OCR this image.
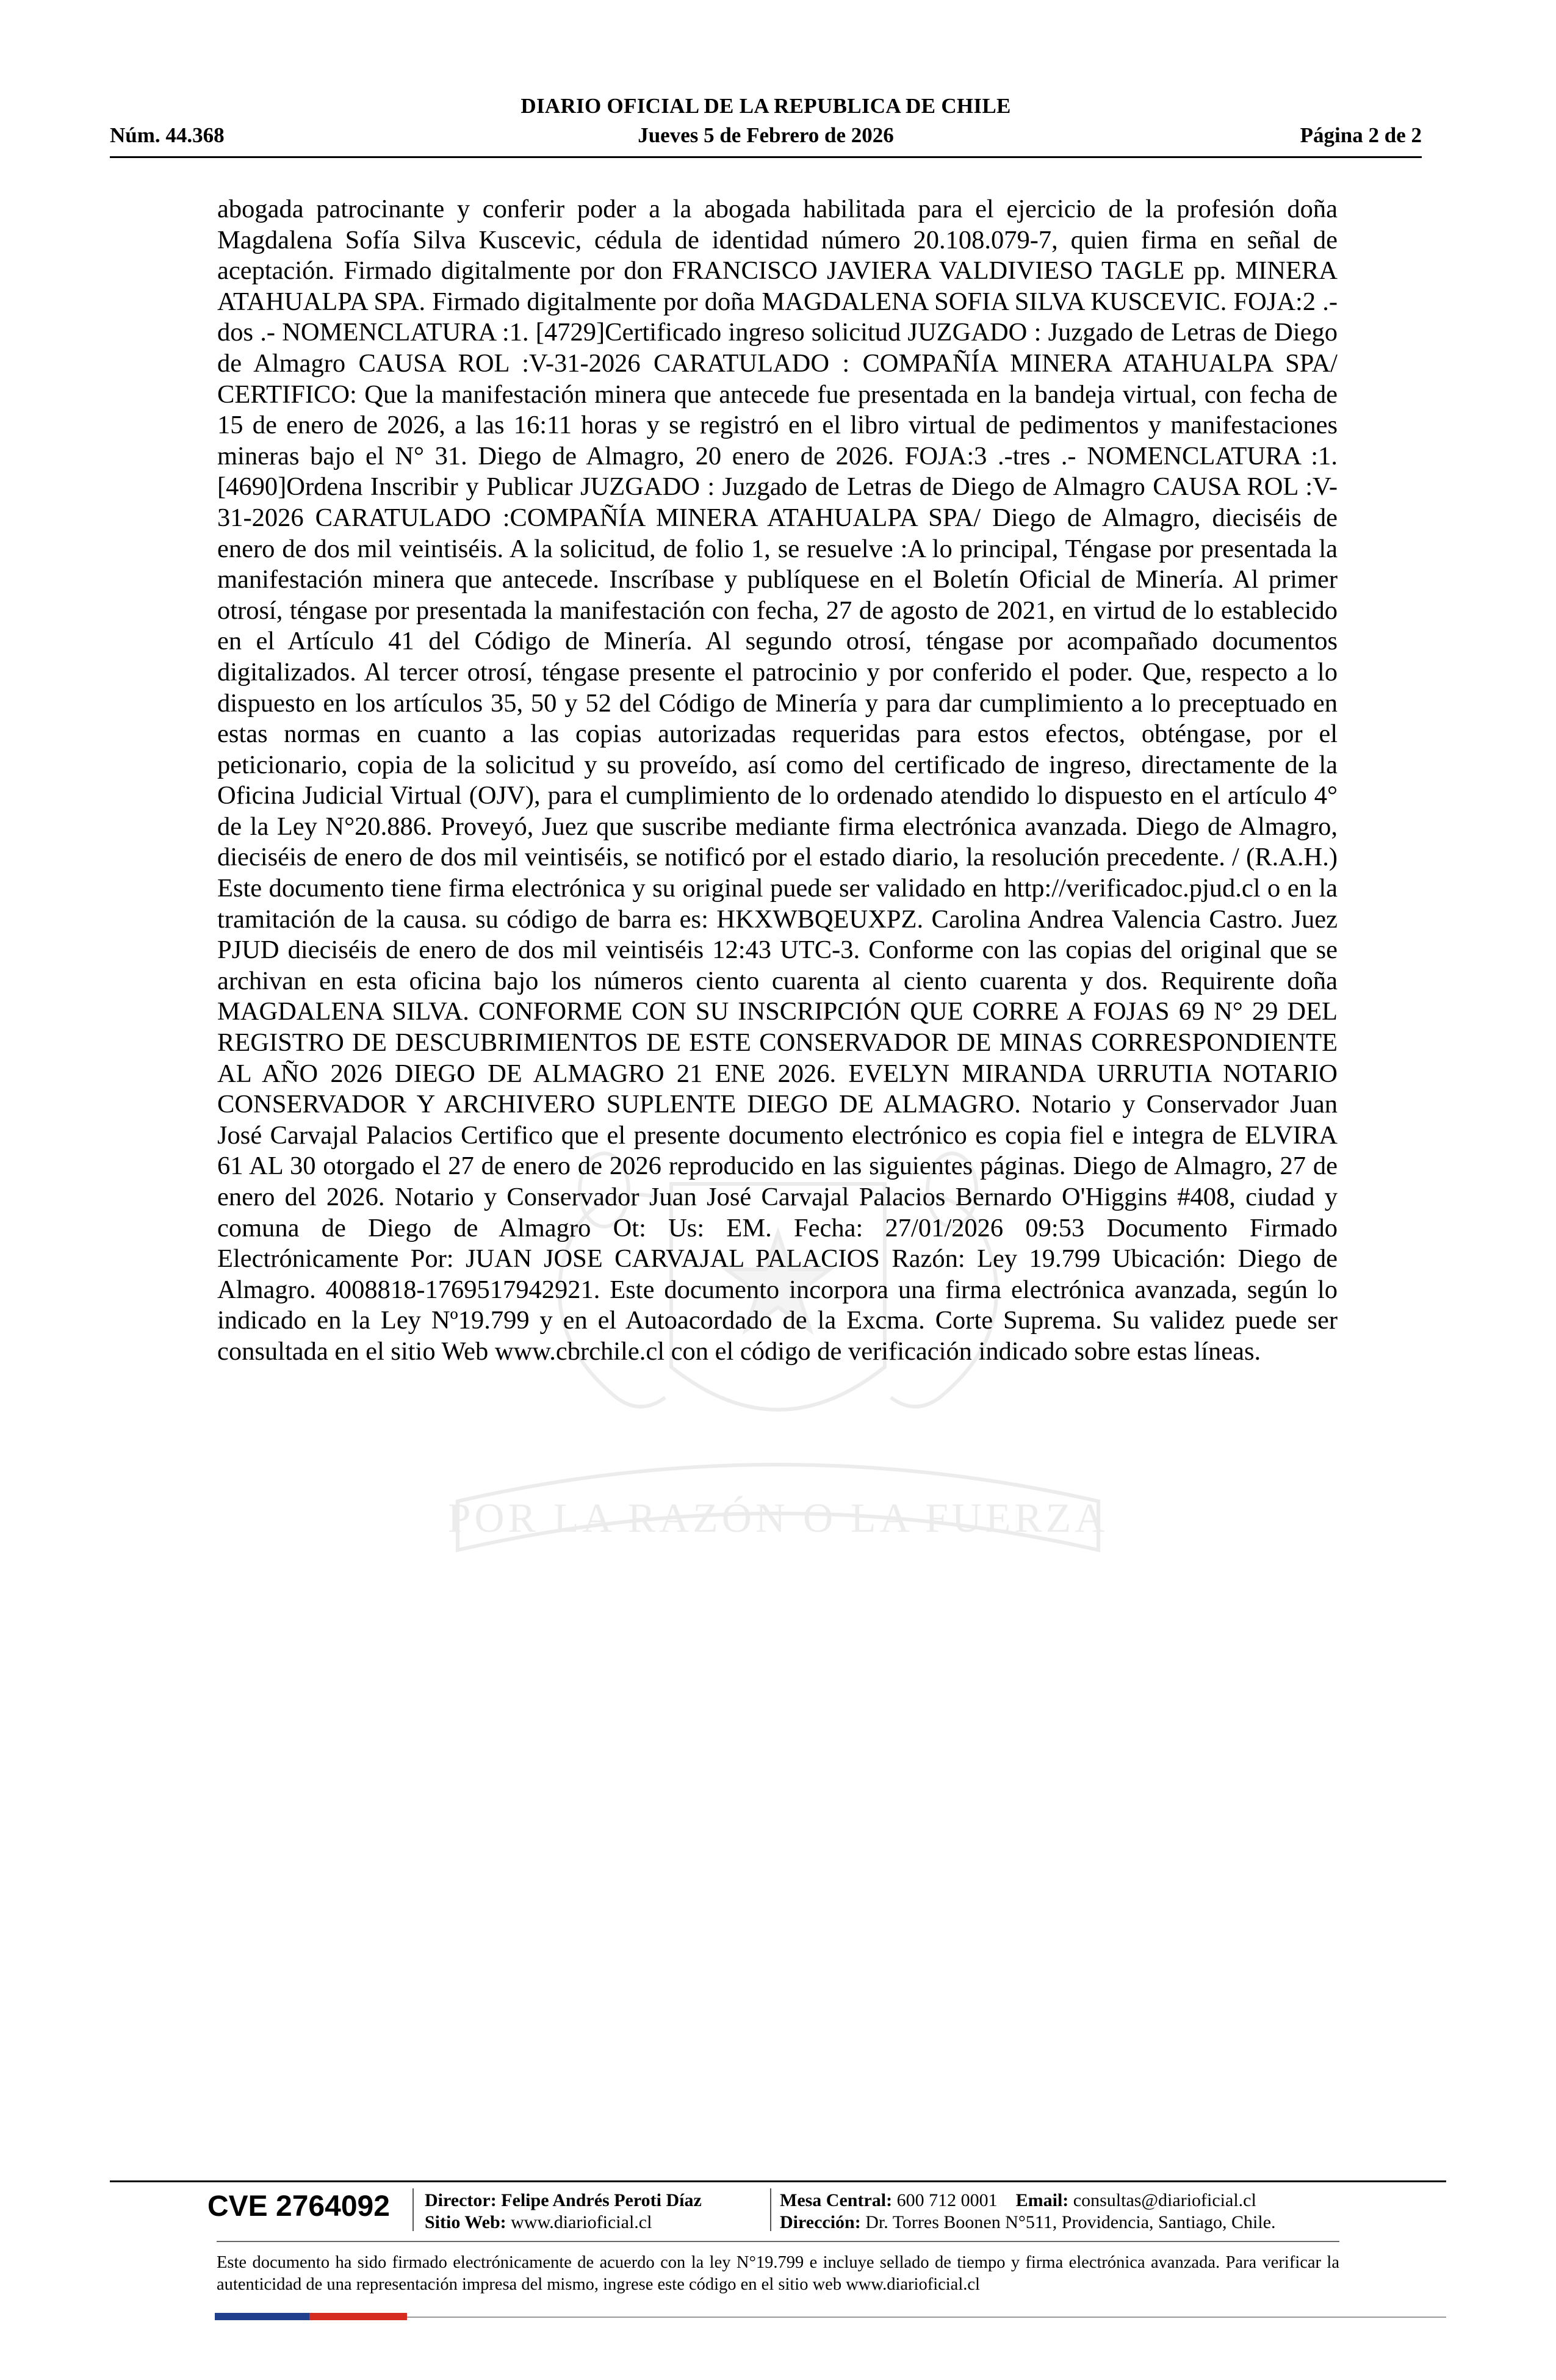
DIARIO OFICIAL DE LA REPUBLICA DE CHILE
Núm. 44.368	Jueves 5 de Febrero de 2026	Página 2 de 2
POR LA RAZÓN O LA FUERZA
abogada patrocinante y conferir poder a la abogada habilitada para el ejercicio de la profesión doña Magdalena Sofía Silva Kuscevic, cédula de identidad número 20.108.079-7, quien firma en señal de aceptación. Firmado digitalmente por don FRANCISCO JAVIERA VALDIVIESO TAGLE pp. MINERA ATAHUALPA SPA. Firmado digitalmente por doña MAGDALENA SOFIA SILVA KUSCEVIC. FOJA:2 .- dos .- NOMENCLATURA :1. [4729]Certificado ingreso solicitud JUZGADO : Juzgado de Letras de Diego de Almagro CAUSA ROL :V-31-2026 CARATULADO : COMPAÑÍA MINERA ATAHUALPA SPA/ CERTIFICO: Que la manifestación minera que antecede fue presentada en la bandeja virtual, con fecha de 15 de enero de 2026, a las 16:11 horas y se registró en el libro virtual de pedimentos y manifestaciones mineras bajo el N° 31. Diego de Almagro, 20 enero de 2026. FOJA:3 .-tres .- NOMENCLATURA :1. [4690]Ordena Inscribir y Publicar JUZGADO : Juzgado de Letras de Diego de Almagro CAUSA ROL :V-31-2026 CARATULADO :COMPAÑÍA MINERA ATAHUALPA SPA/ Diego de Almagro, dieciséis de enero de dos mil veintiséis. A la solicitud, de folio 1, se resuelve :A lo principal, Téngase por presentada la manifestación minera que antecede. Inscríbase y publíquese en el Boletín Oficial de Minería. Al primer otrosí, téngase por presentada la manifestación con fecha, 27 de agosto de 2021, en virtud de lo establecido en el Artículo 41 del Código de Minería. Al segundo otrosí, téngase por acompañado documentos digitalizados. Al tercer otrosí, téngase presente el patrocinio y por conferido el poder. Que, respecto a lo dispuesto en los artículos 35, 50 y 52 del Código de Minería y para dar cumplimiento a lo preceptuado en estas normas en cuanto a las copias autorizadas requeridas para estos efectos, obténgase, por el peticionario, copia de la solicitud y su proveído, así como del certificado de ingreso, directamente de la Oficina Judicial Virtual (OJV), para el cumplimiento de lo ordenado atendido lo dispuesto en el artículo 4° de la Ley N°20.886. Proveyó, Juez que suscribe mediante firma electrónica avanzada. Diego de Almagro, dieciséis de enero de dos mil veintiséis, se notificó por el estado diario, la resolución precedente. / (R.A.H.) Este documento tiene firma electrónica y su original puede ser validado en http://verificadoc.pjud.cl o en la tramitación de la causa. su código de barra es: HKXWBQEUXPZ. Carolina Andrea Valencia Castro. Juez PJUD dieciséis de enero de dos mil veintiséis 12:43 UTC-3. Conforme con las copias del original que se archivan en esta oficina bajo los números ciento cuarenta al ciento cuarenta y dos. Requirente doña MAGDALENA SILVA. CONFORME CON SU INSCRIPCIÓN QUE CORRE A FOJAS 69 N° 29 DEL REGISTRO DE DESCUBRIMIENTOS DE ESTE CONSERVADOR DE MINAS CORRESPONDIENTE AL AÑO 2026 DIEGO DE ALMAGRO 21 ENE 2026. EVELYN MIRANDA URRUTIA NOTARIO CONSERVADOR Y ARCHIVERO SUPLENTE DIEGO DE ALMAGRO. Notario y Conservador Juan José Carvajal Palacios Certifico que el presente documento electrónico es copia fiel e integra de ELVIRA 61 AL 30 otorgado el 27 de enero de 2026 reproducido en las siguientes páginas. Diego de Almagro, 27 de enero del 2026. Notario y Conservador Juan José Carvajal Palacios Bernardo O'Higgins #408, ciudad y comuna de Diego de Almagro Ot: Us: EM. Fecha: 27/01/2026 09:53 Documento Firmado Electrónicamente Por: JUAN JOSE CARVAJAL PALACIOS Razón: Ley 19.799 Ubicación: Diego de Almagro. 4008818-1769517942921. Este documento incorpora una firma electrónica avanzada, según lo indicado en la Ley Nº19.799 y en el Autoacordado de la Excma. Corte Suprema. Su validez puede ser consultada en el sitio Web www.cbrchile.cl con el código de verificación indicado sobre estas líneas.
CVE 2764092 Director: Felipe Andrés Peroti Díaz
Sitio Web: www.diarioficial.cl
Mesa Central: 600 712 0001 Email: consultas@diarioficial.cl
Dirección: Dr. Torres Boonen N°511, Providencia, Santiago, Chile.
Este documento ha sido firmado electrónicamente de acuerdo con la ley N°19.799 e incluye sellado de tiempo y firma electrónica avanzada. Para verificar la autenticidad de una representación impresa del mismo, ingrese este código en el sitio web www.diarioficial.cl
